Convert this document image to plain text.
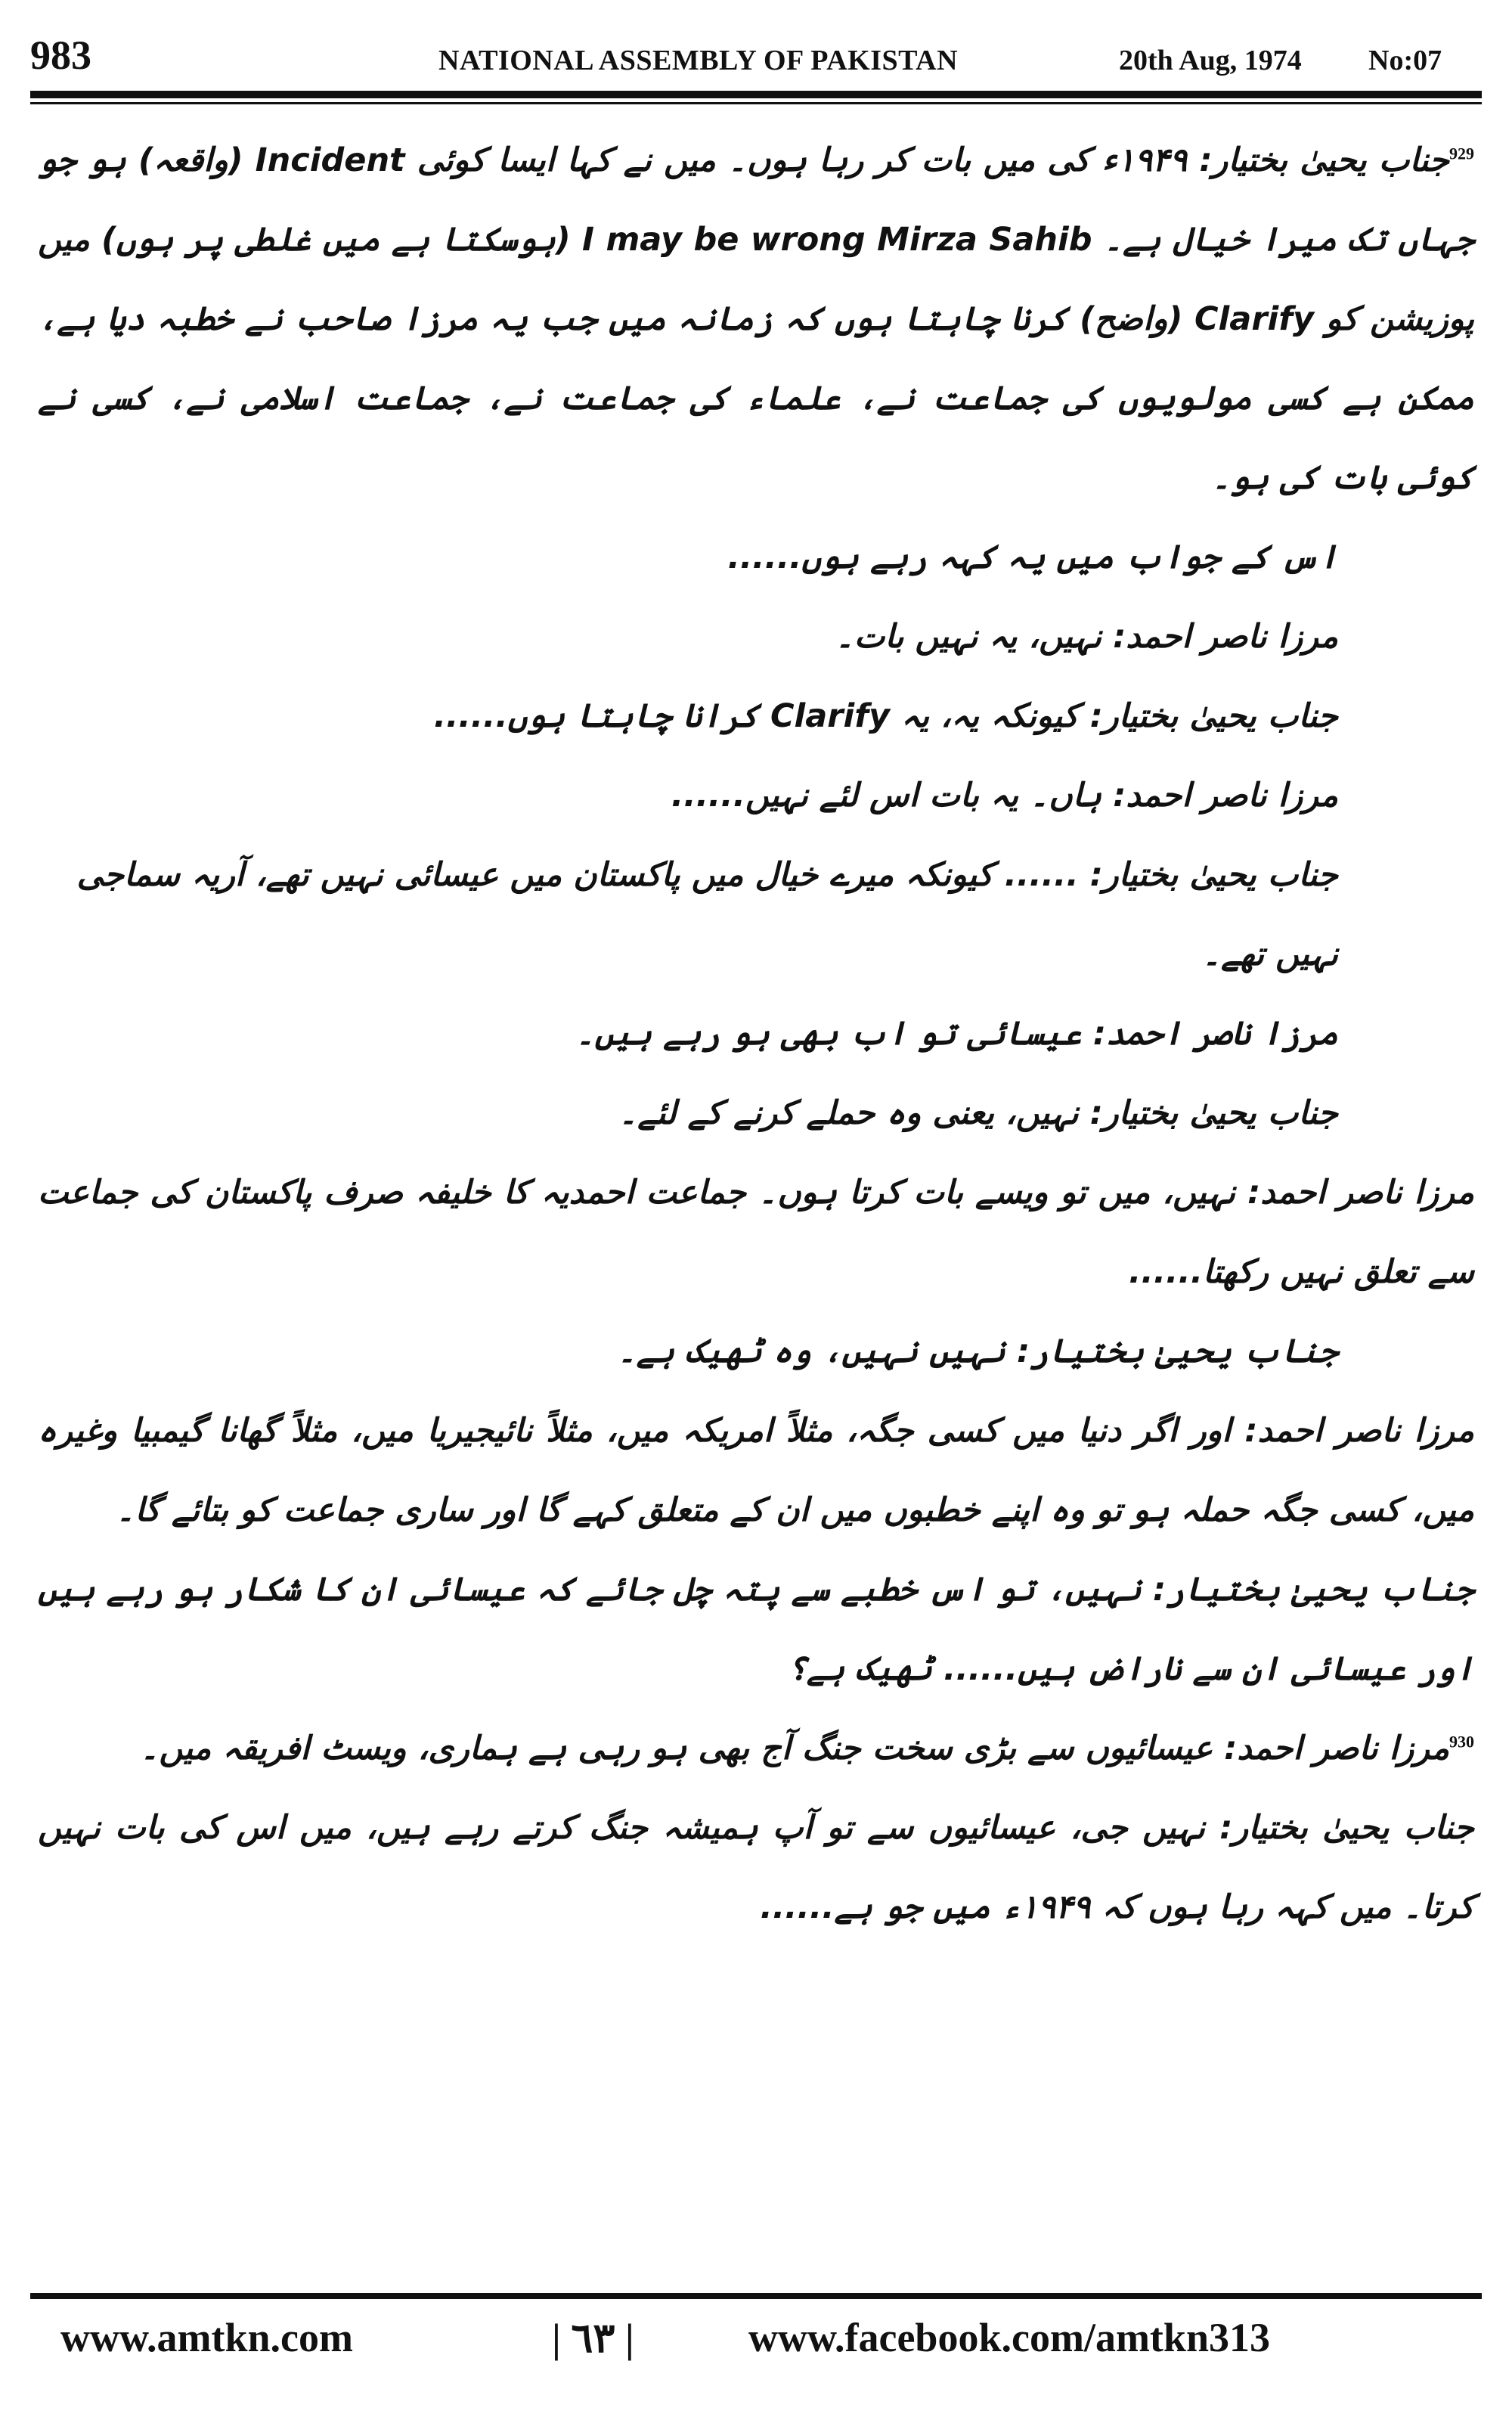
983	NATIONAL ASSEMBLY OF PAKISTAN	20th Aug, 1974 No:07

$^{929}$جناب یحییٰ بختیار: ۱۹۴۹ء کی میں بات کر رہا ہوں۔ میں نے کہا ایسا کوئی Incident (واقعہ) ہو جو جہاں تک میرا خیال ہے۔ I may be wrong Mirza Sahib (ہوسکتا ہے میں غلطی پر ہوں) میں پوزیشن کو Clarify (واضح) کرنا چاہتا ہوں کہ زمانہ میں جب یہ مرزا صاحب نے خطبہ دیا ہے، ممکن ہے کسی مولویوں کی جماعت نے، علماء کی جماعت نے، جماعت اسلامی نے، کسی نے کوئی بات کی ہو۔

اس کے جواب میں یہ کہہ رہے ہوں......

مرزا ناصر احمد: نہیں، یہ نہیں بات۔

جناب یحییٰ بختیار: کیونکہ یہ، یہ Clarify کرانا چاہتا ہوں......

مرزا ناصر احمد: ہاں۔ یہ بات اس لئے نہیں......

جناب یحییٰ بختیار: ...... کیونکہ میرے خیال میں پاکستان میں عیسائی نہیں تھے، آریہ سماجی نہیں تھے۔

مرزا ناصر احمد: عیسائی تو اب بھی ہو رہے ہیں۔

جناب یحییٰ بختیار: نہیں، یعنی وہ حملے کرنے کے لئے۔

مرزا ناصر احمد: نہیں، میں تو ویسے بات کرتا ہوں۔ جماعت احمدیہ کا خلیفہ صرف پاکستان کی جماعت سے تعلق نہیں رکھتا......

جناب یحییٰ بختیار: نہیں نہیں، وہ ٹھیک ہے۔

مرزا ناصر احمد: اور اگر دنیا میں کسی جگہ، مثلاً امریکہ میں، مثلاً نائیجیریا میں، مثلاً گھانا گیمبیا وغیرہ میں، کسی جگہ حملہ ہو تو وہ اپنے خطبوں میں ان کے متعلق کہے گا اور ساری جماعت کو بتائے گا۔

جناب یحییٰ بختیار: نہیں، تو اس خطبے سے پتہ چل جائے کہ عیسائی ان کا شکار ہو رہے ہیں اور عیسائی ان سے ناراض ہیں...... ٹھیک ہے؟

$^{930}$مرزا ناصر احمد: عیسائیوں سے بڑی سخت جنگ آج بھی ہو رہی ہے ہماری، ویسٹ افریقہ میں۔

جناب یحییٰ بختیار: نہیں جی، عیسائیوں سے تو آپ ہمیشہ جنگ کرتے رہے ہیں، میں اس کی بات نہیں کرتا۔ میں کہہ رہا ہوں کہ ۱۹۴۹ء میں جو ہے......

www.amtkn.com	| ٦٣ |	www.facebook.com/amtkn313
